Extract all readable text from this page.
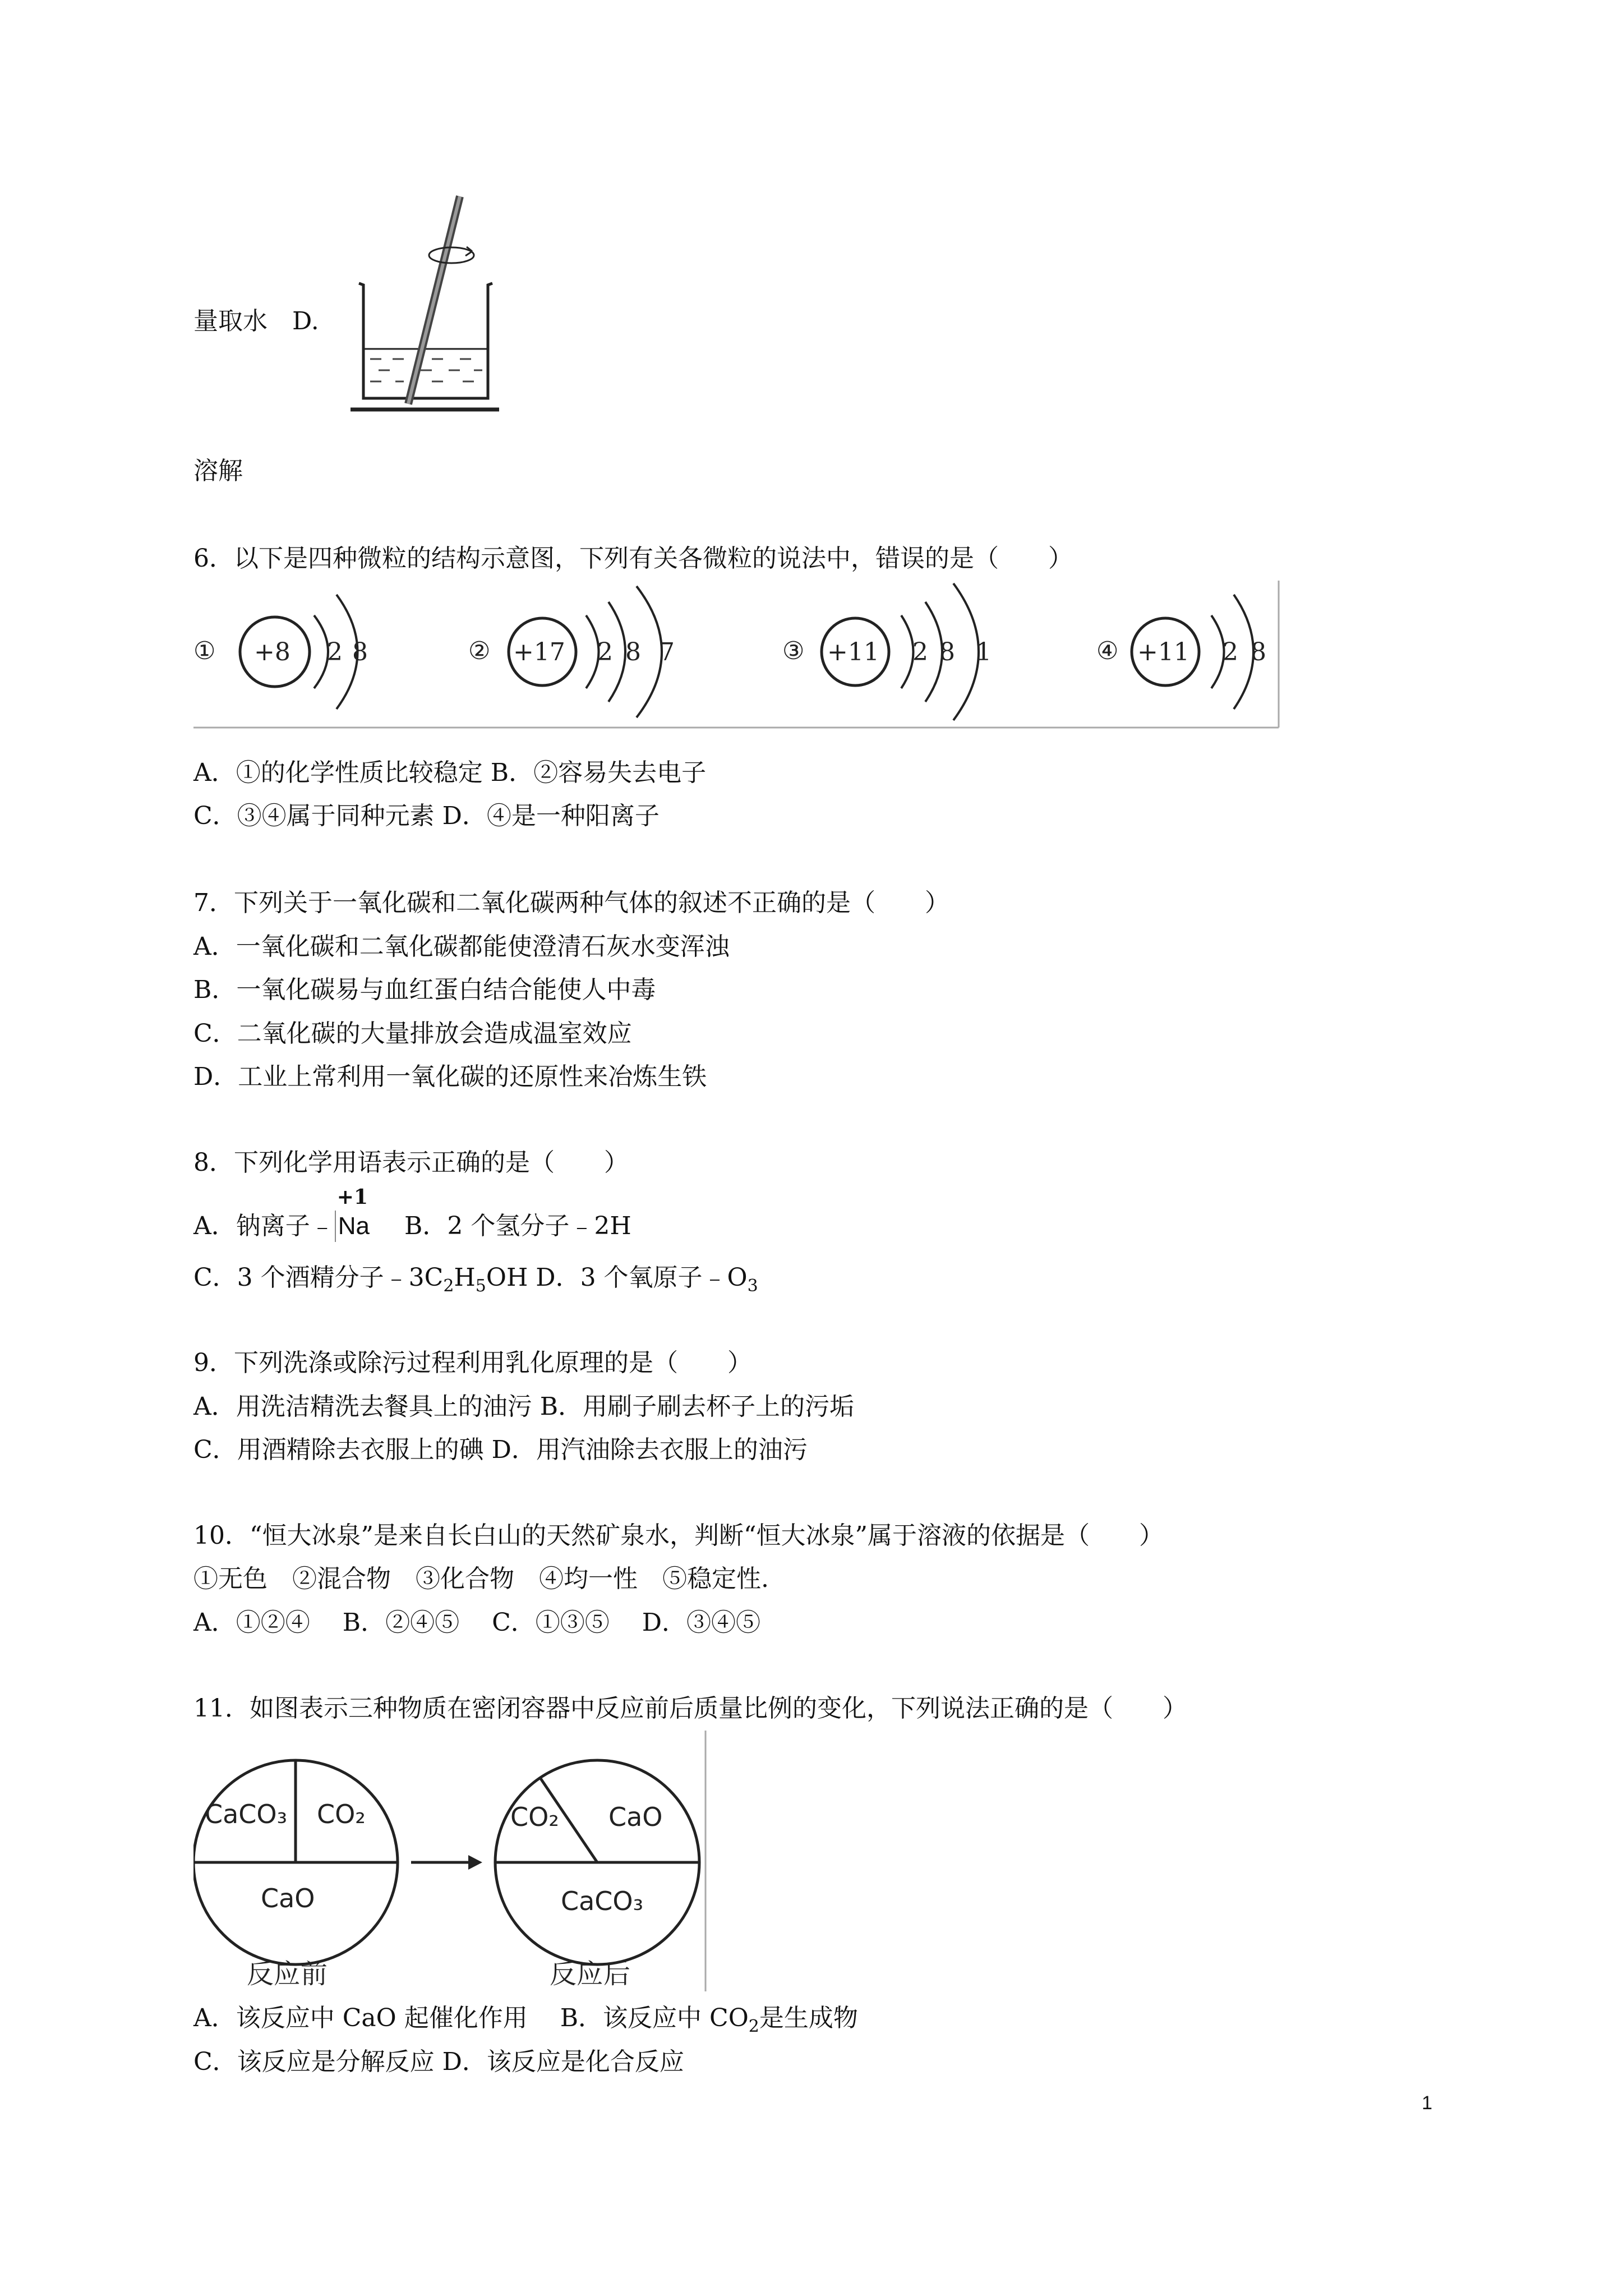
量取水　D.
溶解
6．以下是四种微粒的结构示意图，下列有关各微粒的说法中，错误的是（　　）
① +8 2 8	② +17 2 8 7	③ +11 2 8 1	④ +11 2 8
A．①的化学性质比较稳定 B．②容易失去电子
C．③④属于同种元素 D．④是一种阳离子
7．下列关于一氧化碳和二氧化碳两种气体的叙述不正确的是（　　）
A．一氧化碳和二氧化碳都能使澄清石灰水变浑浊
B．一氧化碳易与血红蛋白结合能使人中毒
C．二氧化碳的大量排放会造成温室效应
D．工业上常利用一氧化碳的还原性来冶炼生铁
8．下列化学用语表示正确的是（　　）
A．钠离子﹣
+1
Na　 B．2 个氢分子﹣2H
C．3 个酒精分子$﹣3C_2H_5OH$ D．3 个氧原子$﹣O_3$
9．下列洗涤或除污过程利用乳化原理的是（　　）
A．用洗洁精洗去餐具上的油污 B．用刷子刷去杯子上的污垢
C．用酒精除去衣服上的碘 D．用汽油除去衣服上的油污
10．“恒大冰泉”是来自长白山的天然矿泉水，判断“恒大冰泉”属于溶液的依据是（　　）
①无色　②混合物　③化合物　④均一性　⑤稳定性.
A．①②④　 B．②④⑤　 C．①③⑤　 D．③④⑤
11．如图表示三种物质在密闭容器中反应前后质量比例的变化，下列说法正确的是（　　）
CaCO₃ CO₂
CaO
反应前
CO₂ CaO
CaCO₃
反应后
A．该反应中 CaO 起催化作用　 B．该反应中 $CO_2$是生成物
C．该反应是分解反应 D．该反应是化合反应
1
